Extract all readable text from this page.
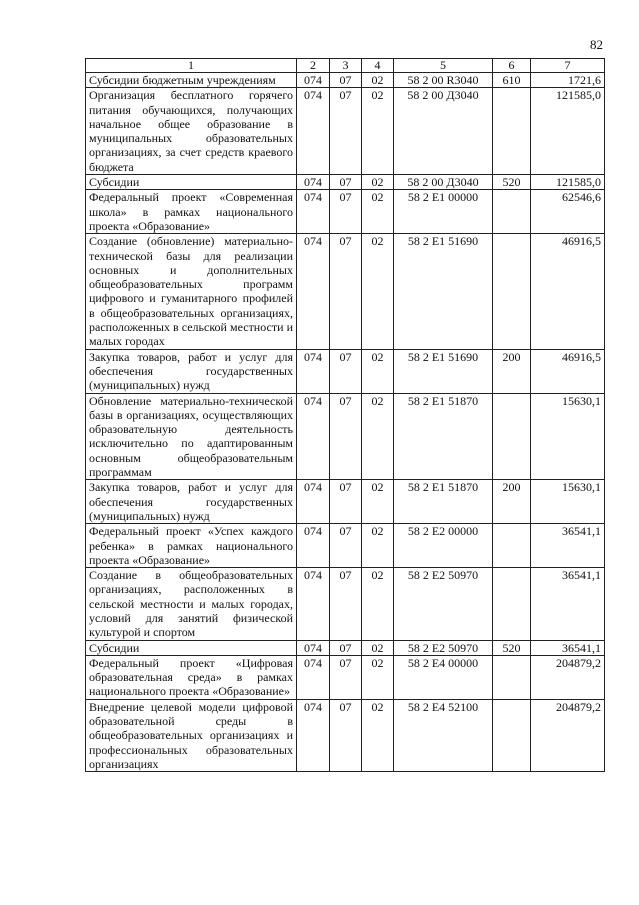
82
1	2	3	4	5	6	7
Субсидии бюджетным учреждениям	074	07	02	58 2 00 R3040	610	1721,6
Организация бесплатного горячего питания обучающихся, получающих начальное общее образование в муниципальных образовательных организациях, за счет средств краевого бюджета	074	07	02	58 2 00 Д3040		121585,0
Субсидии	074	07	02	58 2 00 Д3040	520	121585,0
Федеральный проект «Современная школа» в рамках национального проекта «Образование»	074	07	02	58 2 E1 00000		62546,6
Создание (обновление) материально-технической базы для реализации основных и дополнительных общеобразовательных программ цифрового и гуманитарного профилей в общеобразовательных организациях, расположенных в сельской местности и малых городах	074	07	02	58 2 E1 51690		46916,5
Закупка товаров, работ и услуг для обеспечения государственных (муниципальных) нужд	074	07	02	58 2 E1 51690	200	46916,5
Обновление материально-технической базы в организациях, осуществляющих образовательную деятельность исключительно по адаптированным основным общеобразовательным программам	074	07	02	58 2 E1 51870		15630,1
Закупка товаров, работ и услуг для обеспечения государственных (муниципальных) нужд	074	07	02	58 2 E1 51870	200	15630,1
Федеральный проект «Успех каждого ребенка» в рамках национального проекта «Образование»	074	07	02	58 2 E2 00000		36541,1
Создание в общеобразовательных организациях, расположенных в сельской местности и малых городах, условий для занятий физической культурой и спортом	074	07	02	58 2 E2 50970		36541,1
Субсидии	074	07	02	58 2 E2 50970	520	36541,1
Федеральный проект «Цифровая образовательная среда» в рамках национального проекта «Образование»	074	07	02	58 2 E4 00000		204879,2
Внедрение целевой модели цифровой образовательной среды в общеобразовательных организациях и профессиональных образовательных организациях	074	07	02	58 2 E4 52100		204879,2
